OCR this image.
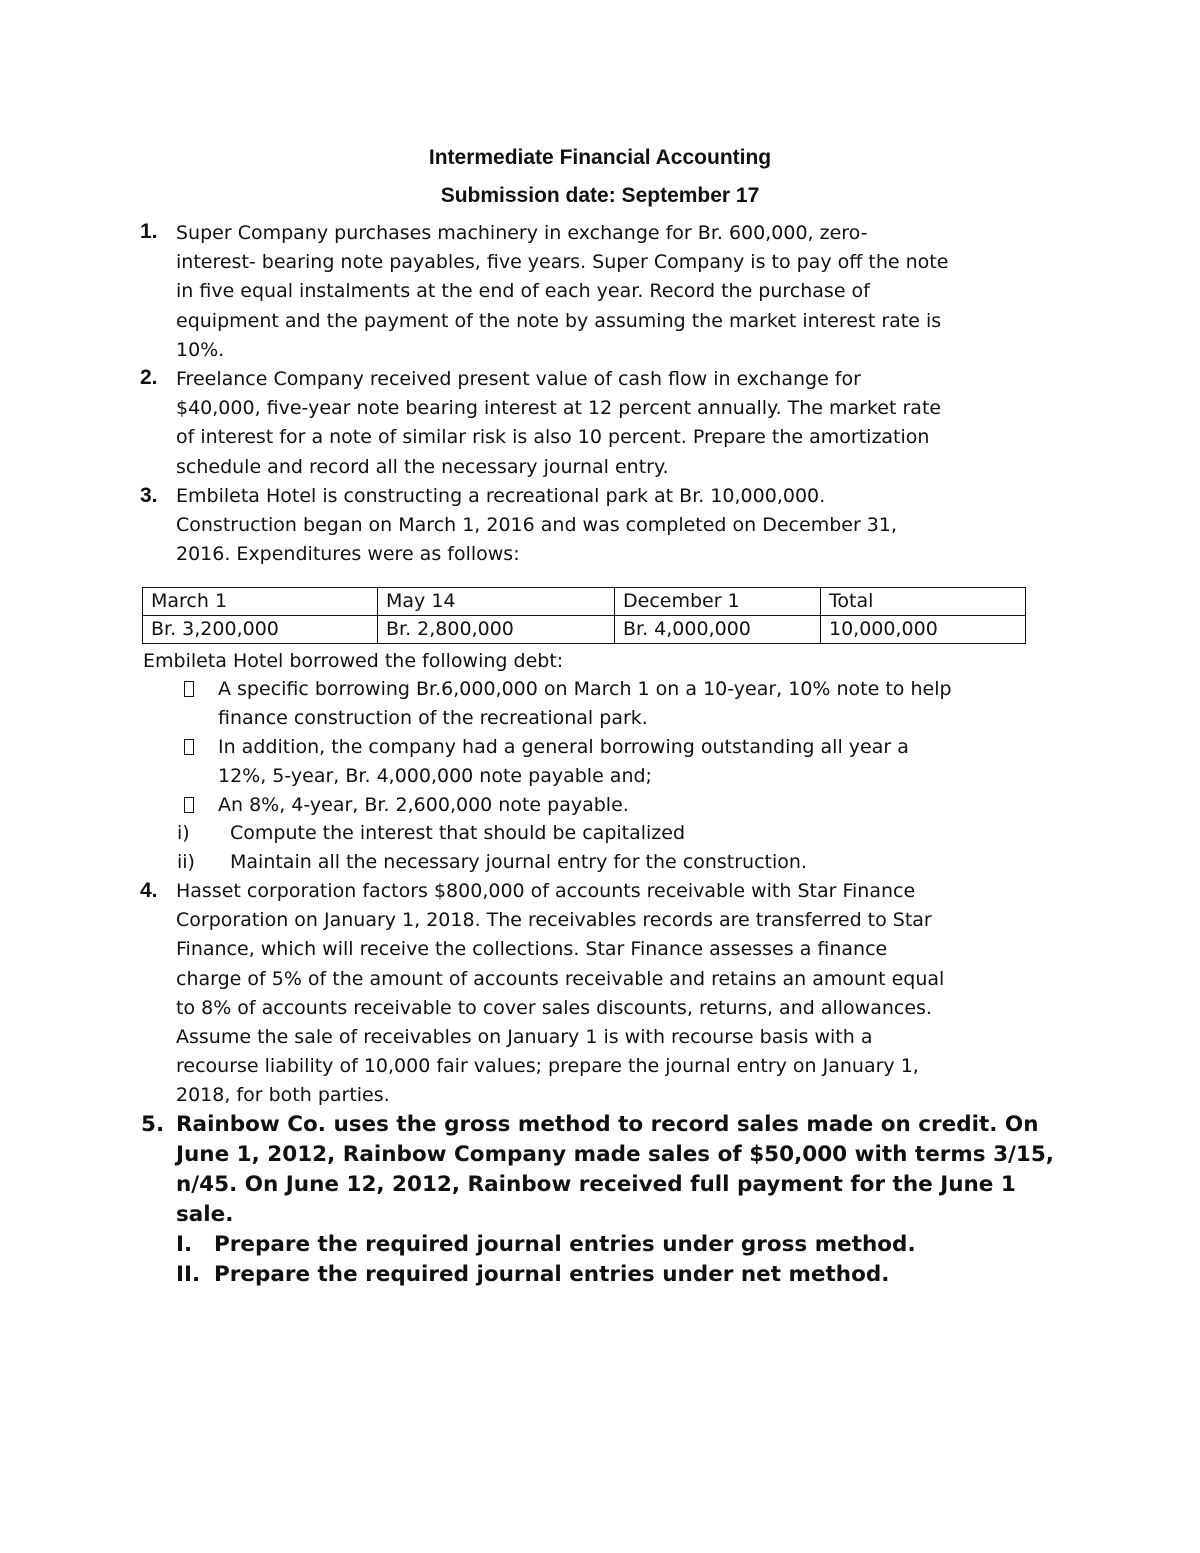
Intermediate Financial Accounting
Submission date: September 17
1. Super Company purchases machinery in exchange for Br. 600,000, zero-
interest- bearing note payables, five years. Super Company is to pay off the note
in five equal instalments at the end of each year. Record the purchase of
equipment and the payment of the note by assuming the market interest rate is
10%.
2. Freelance Company received present value of cash flow in exchange for
$40,000, five-year note bearing interest at 12 percent annually. The market rate
of interest for a note of similar risk is also 10 percent. Prepare the amortization
schedule and record all the necessary journal entry.
3. Embileta Hotel is constructing a recreational park at Br. 10,000,000.
Construction began on March 1, 2016 and was completed on December 31,
2016. Expenditures were as follows:
March 1	May 14	December 1	Total
Br. 3,200,000	Br. 2,800,000	Br. 4,000,000	10,000,000
Embileta Hotel borrowed the following debt:
A specific borrowing Br.6,000,000 on March 1 on a 10-year, 10% note to help
finance construction of the recreational park.
In addition, the company had a general borrowing outstanding all year a
12%, 5-year, Br. 4,000,000 note payable and;
An 8%, 4-year, Br. 2,600,000 note payable.
i)	Compute the interest that should be capitalized
ii)	Maintain all the necessary journal entry for the construction.
4. Hasset corporation factors $800,000 of accounts receivable with Star Finance
Corporation on January 1, 2018. The receivables records are transferred to Star
Finance, which will receive the collections. Star Finance assesses a finance
charge of 5% of the amount of accounts receivable and retains an amount equal
to 8% of accounts receivable to cover sales discounts, returns, and allowances.
Assume the sale of receivables on January 1 is with recourse basis with a
recourse liability of 10,000 fair values; prepare the journal entry on January 1,
2018, for both parties.
5. Rainbow Co. uses the gross method to record sales made on credit. On
June 1, 2012, Rainbow Company made sales of $50,000 with terms 3/15,
n/45. On June 12, 2012, Rainbow received full payment for the June 1
sale.
I.	Prepare the required journal entries under gross method.
II. Prepare the required journal entries under net method.
